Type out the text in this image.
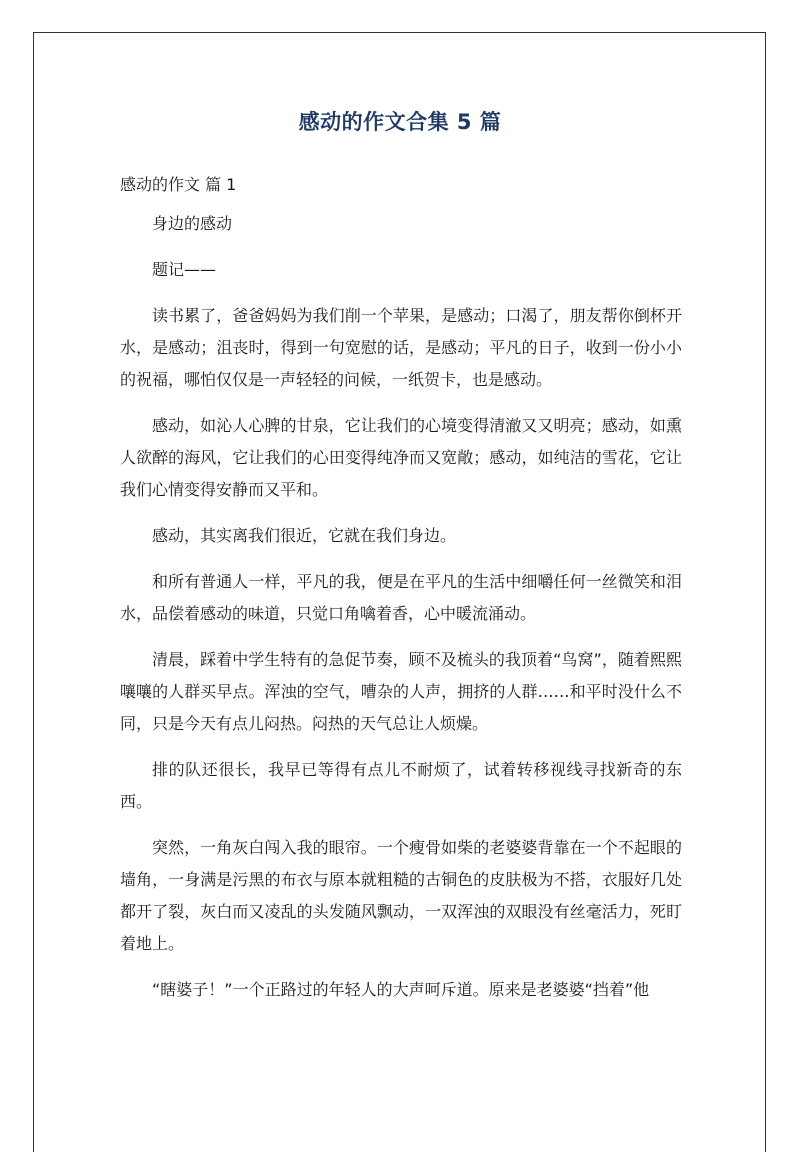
感动的作文合集 5 篇
感动的作文 篇 1

身边的感动

题记——

读书累了，爸爸妈妈为我们削一个苹果，是感动；口渴了，朋友帮你倒杯开水，是感动；沮丧时，得到一句宽慰的话，是感动；平凡的日子，收到一份小小的祝福，哪怕仅仅是一声轻轻的问候，一纸贺卡，也是感动。

感动，如沁人心脾的甘泉，它让我们的心境变得清澈又又明亮；感动，如熏人欲醉的海风，它让我们的心田变得纯净而又宽敞；感动，如纯洁的雪花，它让我们心情变得安静而又平和。

感动，其实离我们很近，它就在我们身边。

和所有普通人一样，平凡的我，便是在平凡的生活中细嚼任何一丝微笑和泪水，品偿着感动的味道，只觉口角噙着香，心中暖流涌动。

清晨，踩着中学生特有的急促节奏，顾不及梳头的我顶着“鸟窝”，随着熙熙嚷嚷的人群买早点。浑浊的空气，嘈杂的人声，拥挤的人群……和平时没什么不同，只是今天有点儿闷热。闷热的天气总让人烦燥。

排的队还很长，我早已等得有点儿不耐烦了，试着转移视线寻找新奇的东西。

突然，一角灰白闯入我的眼帘。一个瘦骨如柴的老婆婆背靠在一个不起眼的墙角，一身满是污黑的布衣与原本就粗糙的古铜色的皮肤极为不搭，衣服好几处都开了裂，灰白而又凌乱的头发随风飘动，一双浑浊的双眼没有丝毫活力，死盯着地上。

“瞎婆子！”一个正路过的年轻人的大声呵斥道。原来是老婆婆“挡着”他
